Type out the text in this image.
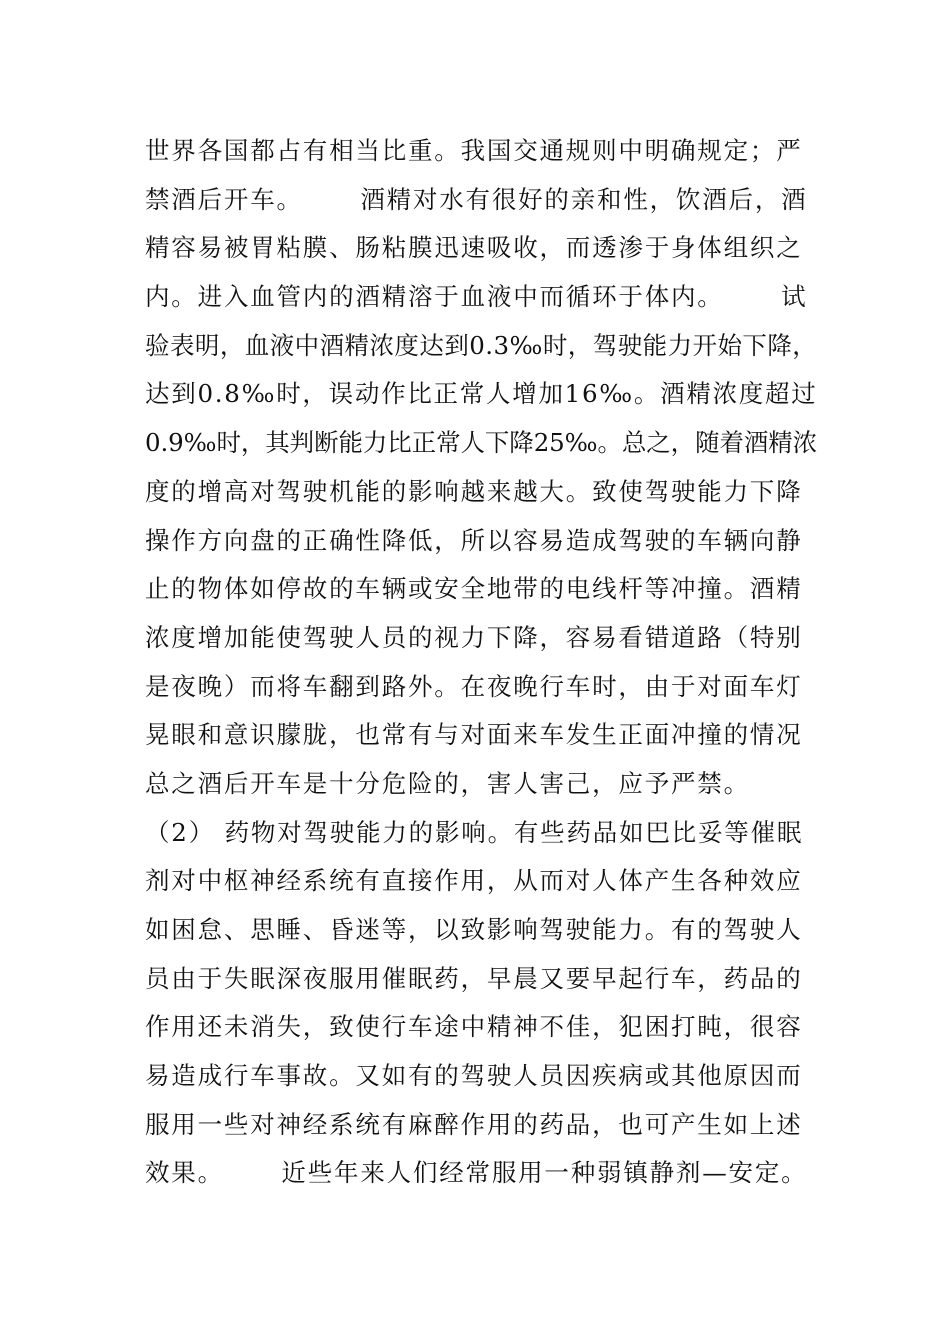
世界各国都占有相当比重。我国交通规则中明确规定；严
禁酒后开车。      酒精对水有很好的亲和性，饮酒后，酒
精容易被胃粘膜、肠粘膜迅速吸收，而透渗于身体组织之
内。进入血管内的酒精溶于血液中而循环于体内。      试
验表明，血液中酒精浓度达到0.3‰时，驾驶能力开始下降，
达到0.8‰时，误动作比正常人增加16‰。酒精浓度超过
0.9‰时，其判断能力比正常人下降25‰。总之，随着酒精浓
度的增高对驾驶机能的影响越来越大。致使驾驶能力下降
操作方向盘的正确性降低，所以容易造成驾驶的车辆向静
止的物体如停故的车辆或安全地带的电线杆等冲撞。酒精
浓度增加能使驾驶人员的视力下降，容易看错道路（特别
是夜晚）而将车翻到路外。在夜晚行车时，由于对面车灯
晃眼和意识朦胧，也常有与对面来车发生正面冲撞的情况
总之酒后开车是十分危险的，害人害己，应予严禁。
（2） 药物对驾驶能力的影响。有些药品如巴比妥等催眠
剂对中枢神经系统有直接作用，从而对人体产生各种效应
如困怠、思睡、昏迷等，以致影响驾驶能力。有的驾驶人
员由于失眠深夜服用催眠药，早晨又要早起行车，药品的
作用还未消失，致使行车途中精神不佳，犯困打盹，很容
易造成行车事故。又如有的驾驶人员因疾病或其他原因而
服用一些对神经系统有麻醉作用的药品，也可产生如上述
效果。      近些年来人们经常服用一种弱镇静剂—安定。
